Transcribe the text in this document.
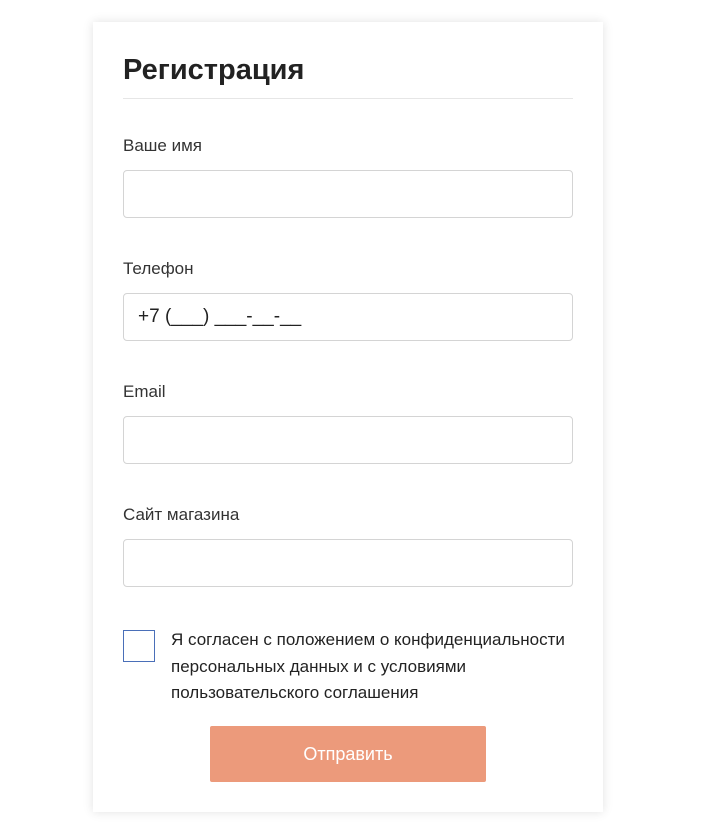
Регистрация
Ваше имя
Телефон
+7 (___) ___-__-__
Email
Сайт магазина
Я согласен с положением о конфиденциальности персональных данных и с условиями пользовательского соглашения
Отправить
